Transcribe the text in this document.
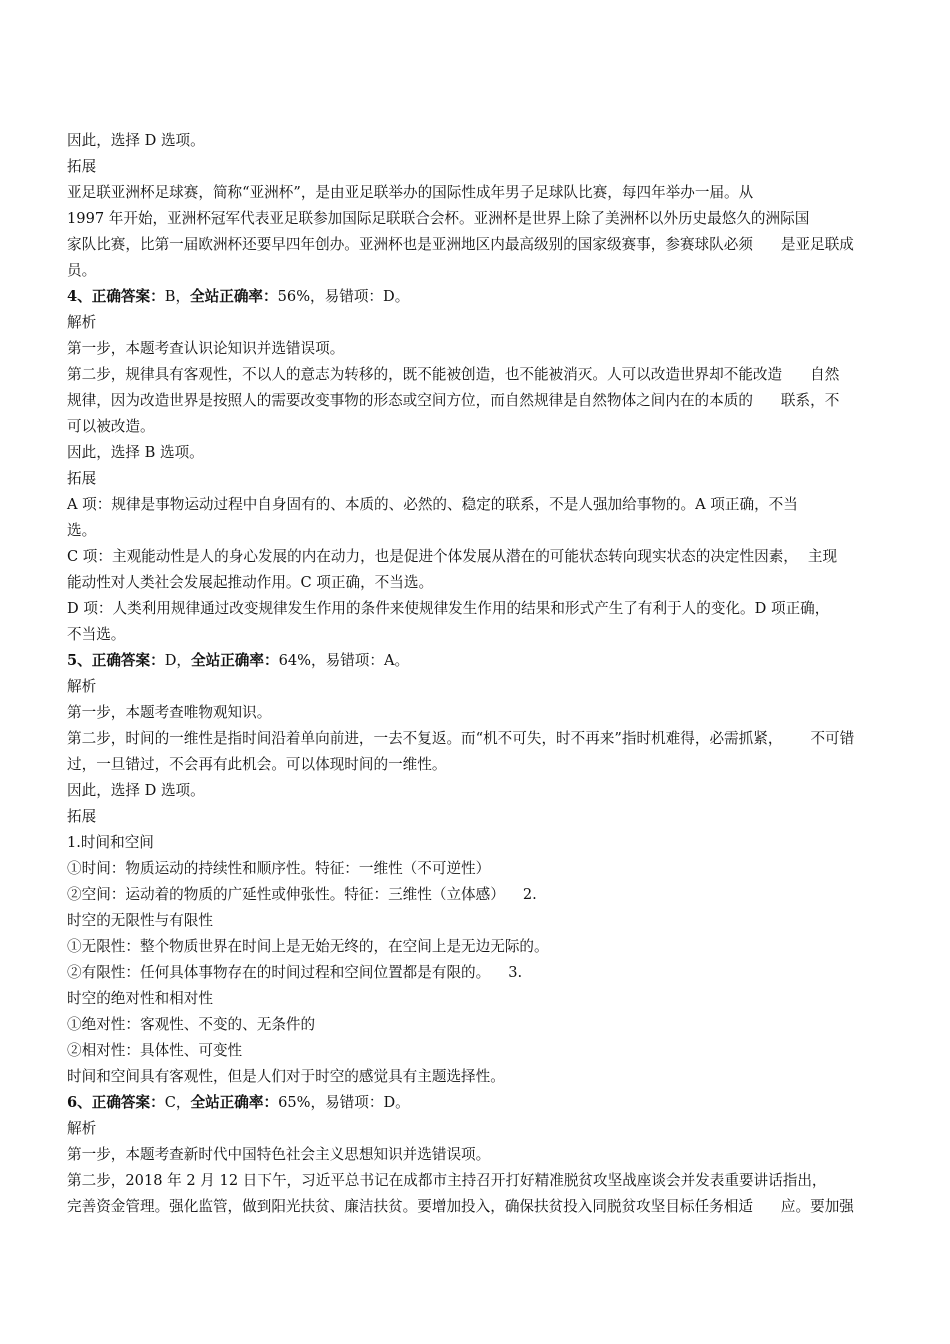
因此，选择 D 选项。

拓展

亚足联亚洲杯足球赛，简称“亚洲杯”，是由亚足联举办的国际性成年男子足球队比赛，每四年举办一届。从
1997 年开始，亚洲杯冠军代表亚足联参加国际足联联合会杯。亚洲杯是世界上除了美洲杯以外历史最悠久的洲际国
家队比赛，比第一届欧洲杯还要早四年创办。亚洲杯也是亚洲地区内最高级别的国家级赛事，参赛球队必须 是亚足联成
员。

4、正确答案：B，全站正确率：56%，易错项：D。

解析

第一步，本题考查认识论知识并选错误项。

第二步，规律具有客观性，不以人的意志为转移的，既不能被创造，也不能被消灭。人可以改造世界却不能改造 自然
规律，因为改造世界是按照人的需要改变事物的形态或空间方位，而自然规律是自然物体之间内在的本质的 联系，不
可以被改造。

因此，选择 B 选项。

拓展

A 项：规律是事物运动过程中自身固有的、本质的、必然的、稳定的联系，不是人强加给事物的。A 项正确，不当
选。

C 项：主观能动性是人的身心发展的内在动力，也是促进个体发展从潜在的可能状态转向现实状态的决定性因素， 主现
能动性对人类社会发展起推动作用。C 项正确，不当选。

D 项：人类利用规律通过改变规律发生作用的条件来使规律发生作用的结果和形式产生了有利于人的变化。D 项正确，
不当选。

5、正确答案：D，全站正确率：64%，易错项：A。

解析

第一步，本题考查唯物观知识。

第二步，时间的一维性是指时间沿着单向前进，一去不复返。而“机不可失，时不再来”指时机难得，必需抓紧， 不可错
过，一旦错过，不会再有此机会。可以体现时间的一维性。

因此，选择 D 选项。

拓展

1.时间和空间

①时间：物质运动的持续性和顺序性。特征：一维性（不可逆性）

②空间：运动着的物质的广延性或伸张性。特征：三维性（立体感） 2.

时空的无限性与有限性

①无限性：整个物质世界在时间上是无始无终的，在空间上是无边无际的。

②有限性：任何具体事物存在的时间过程和空间位置都是有限的。 3.

时空的绝对性和相对性

①绝对性：客观性、不变的、无条件的

②相对性：具体性、可变性

时间和空间具有客观性，但是人们对于时空的感觉具有主题选择性。

6、正确答案：C，全站正确率：65%，易错项：D。

解析

第一步，本题考查新时代中国特色社会主义思想知识并选错误项。

第二步，2018 年 2 月 12 日下午，习近平总书记在成都市主持召开打好精准脱贫攻坚战座谈会并发表重要讲话指出，
完善资金管理。强化监管，做到阳光扶贫、廉洁扶贫。要增加投入，确保扶贫投入同脱贫攻坚目标任务相适 应。要加强
